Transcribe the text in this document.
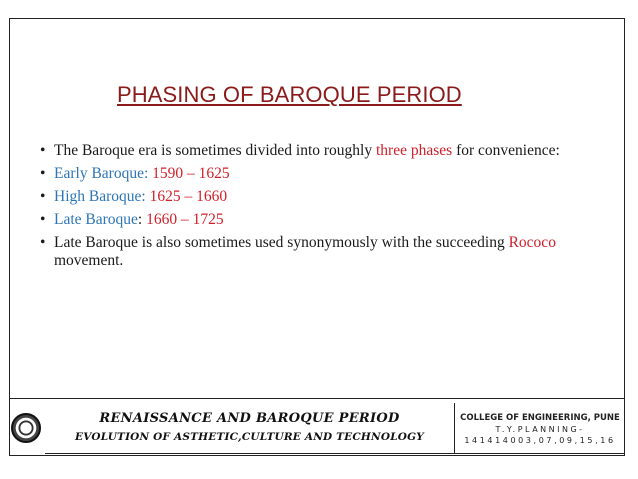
PHASING OF BAROQUE PERIOD
• The Baroque era is sometimes divided into roughly three phases for convenience:
• Early Baroque: 1590 – 1625
• High Baroque: 1625 – 1660
• Late Baroque: 1660 – 1725
• Late Baroque is also sometimes used synonymously with the succeeding Rococo movement.
RENAISSANCE AND BAROQUE PERIOD
EVOLUTION OF ASTHETIC,CULTURE AND TECHNOLOGY
COLLEGE OF ENGINEERING, PUNE
T.Y.PLANNING-
141414003,07,09,15,16
